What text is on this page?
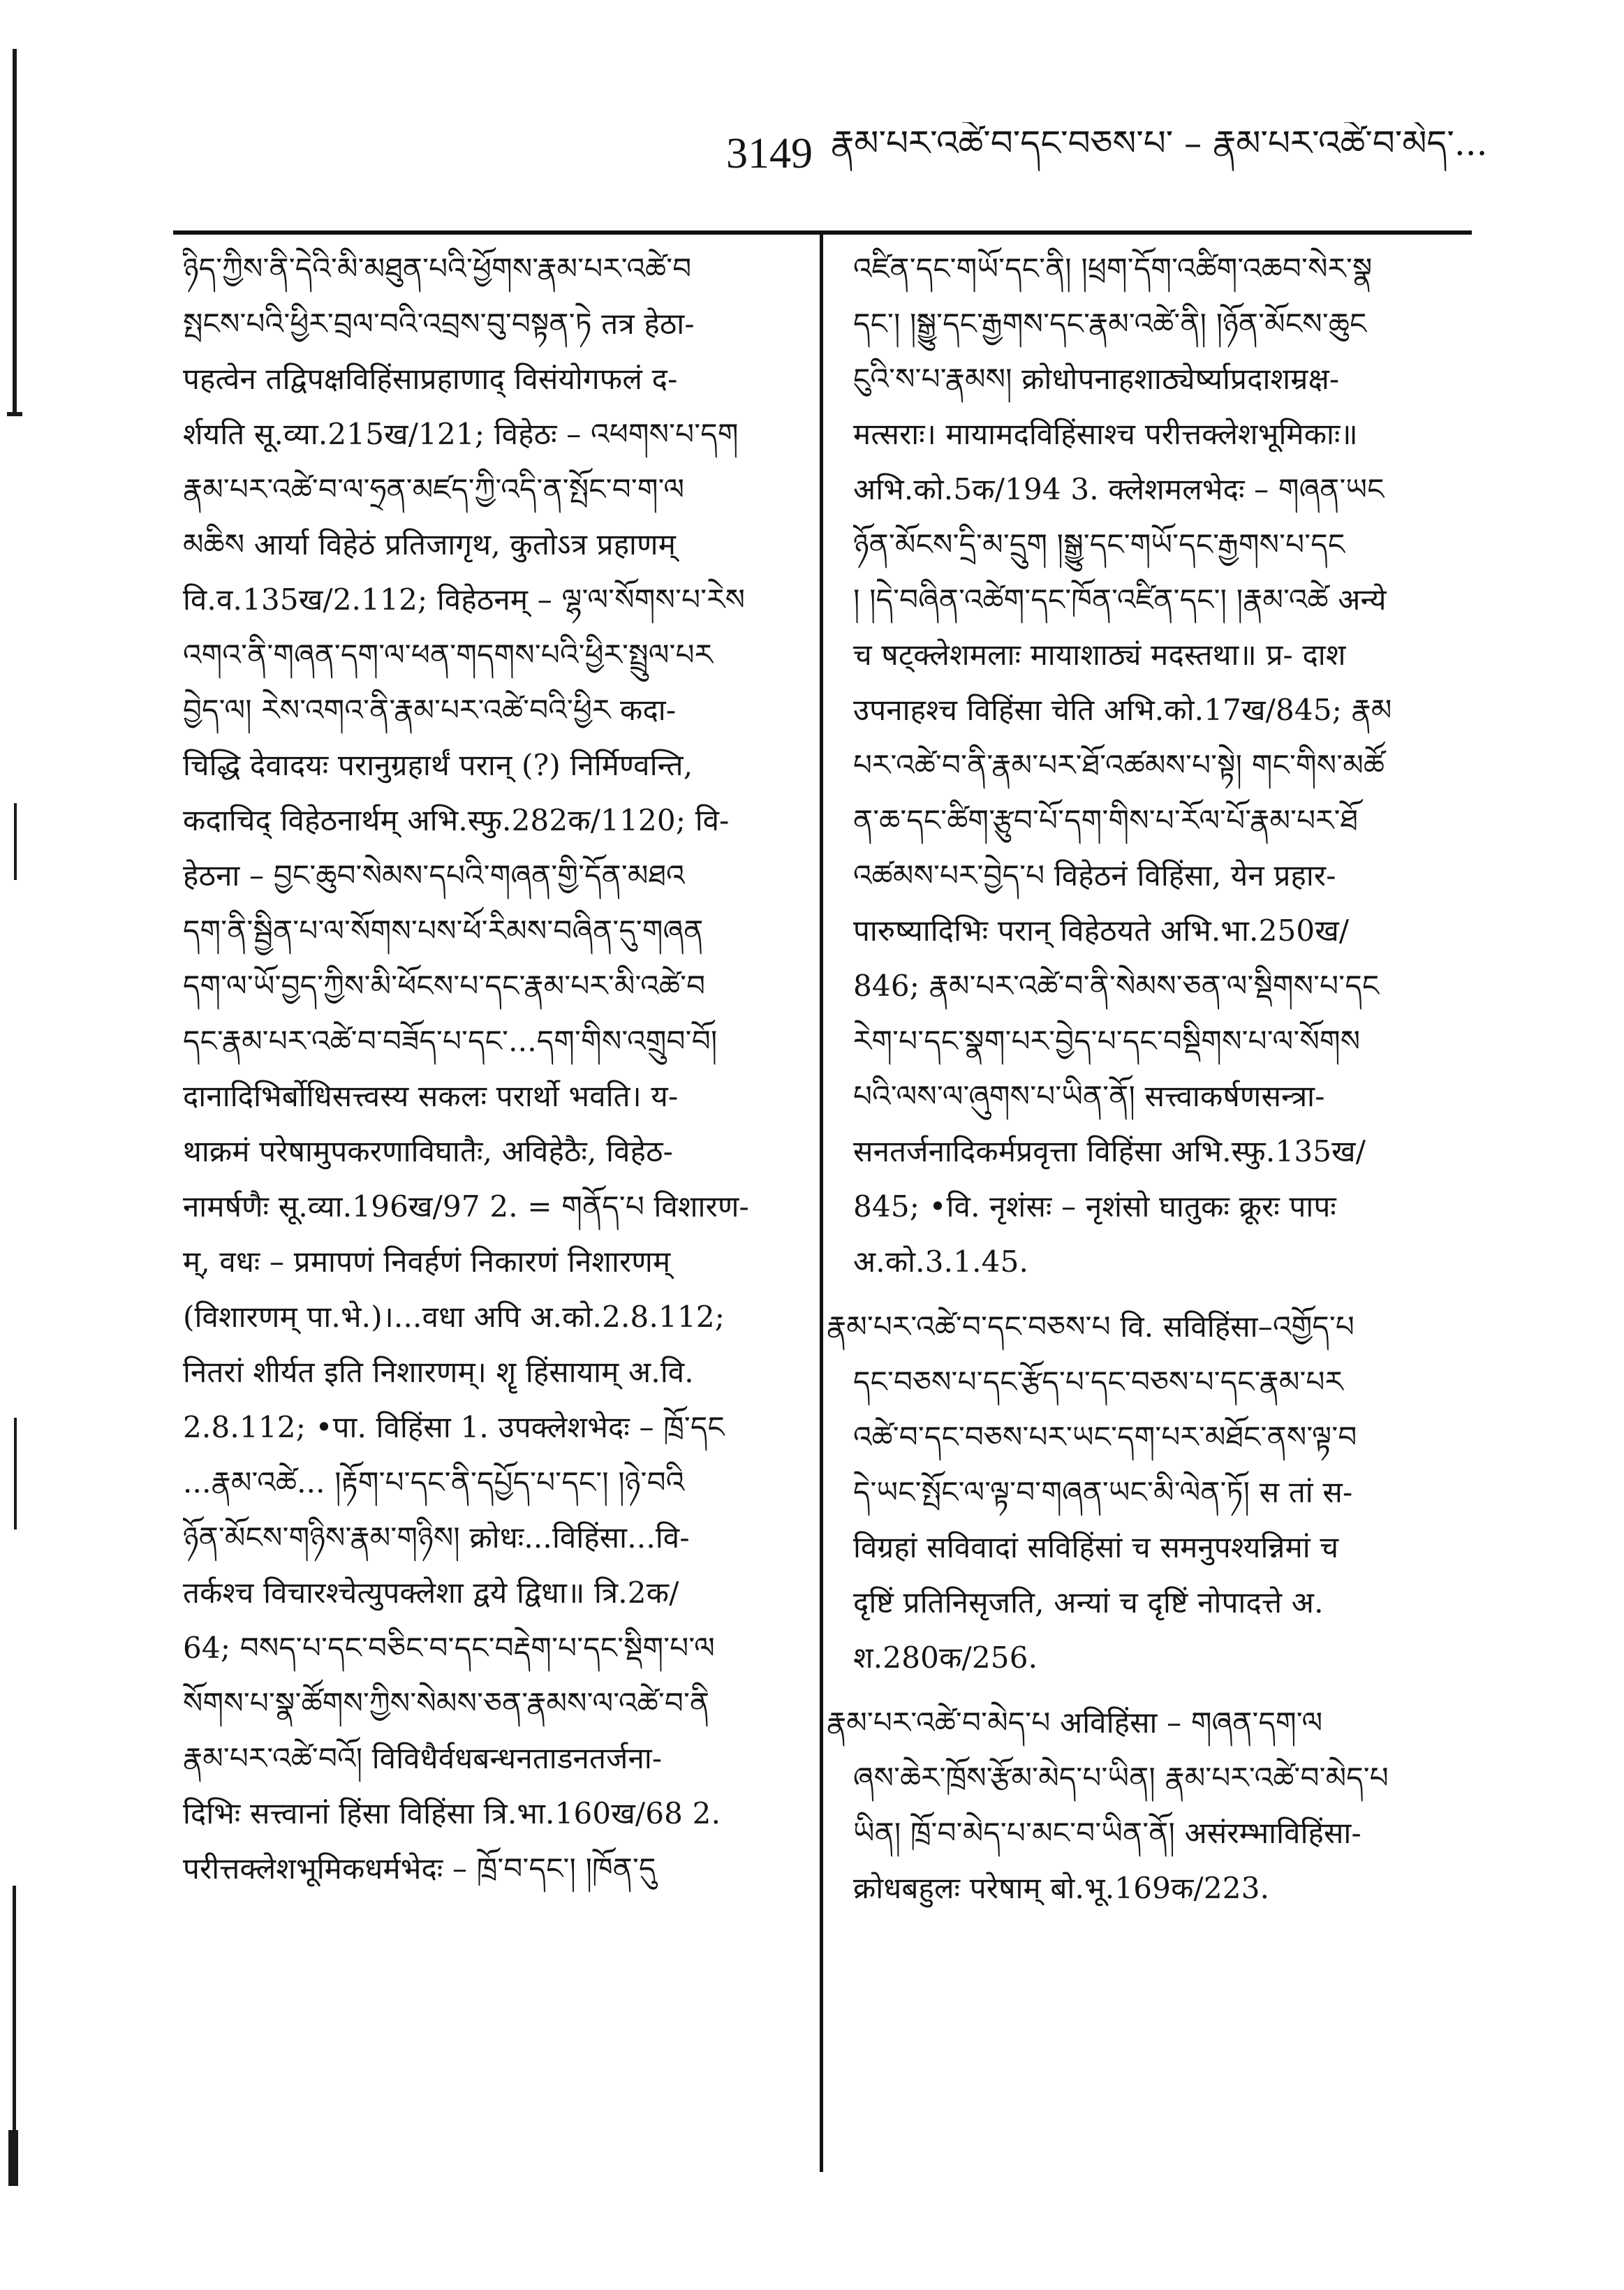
3149 རྣམ་པར་འཚེ་བ་དང་བཅས་པ་ – རྣམ་པར་འཚེ་བ་མེད་...
ཉིད་ཀྱིས་ནི་དེའི་མི་མཐུན་པའི་ཕྱོགས་རྣམ་པར་འཚེ་བ
སྤངས་པའི་ཕྱིར་བྲལ་བའི་འབྲས་བུ་བསྟན་ཏེ तत्र हेठा-
पहत्वेन तद्विपक्षविहिंसाप्रहाणाद् विसंयोगफलं द-
र्शयति सू.व्या.215ख/121; विहेठः – འཕགས་པ་དག
རྣམ་པར་འཚེ་བ་ལ་ཧྲན་མཛད་ཀྱི་འདི་ན་སྤོང་བ་ག་ལ
མཆིས आर्या विहेठं प्रतिजागृथ, कुतोऽत्र प्रहाणम्
वि.व.135ख/2.112; विहेठनम् – ལྷ་ལ་སོགས་པ་རེས
འགའ་ནི་གཞན་དག་ལ་ཕན་གདགས་པའི་ཕྱིར་སྤྲུལ་པར
བྱེད་ལ། རེས་འགའ་ནི་རྣམ་པར་འཚེ་བའི་ཕྱིར कदा-
चिद्धि देवादयः परानुग्रहार्थं परान् (?) निर्मिण्वन्ति,
कदाचिद् विहेठनार्थम् अभि.स्फु.282क/1120; वि-
हेठना – བྱང་ཆུབ་སེམས་དཔའི་གཞན་གྱི་དོན་མཐའ
དག་ནི་སྦྱིན་པ་ལ་སོགས་པས་ཕོ་རིམས་བཞིན་དུ་གཞན
དག་ལ་ཡོ་བྱད་ཀྱིས་མི་ཕོངས་པ་དང་རྣམ་པར་མི་འཚེ་བ
དང་རྣམ་པར་འཚེ་བ་བཟོད་པ་དང་...དག་གིས་འགྲུབ་བོ།
दानादिभिर्बोधिसत्त्वस्य सकलः परार्थो भवति। य-
थाक्रमं परेषामुपकरणाविघातैः, अविहेठैः, विहेठ-
नामर्षणैः सू.व्या.196ख/97 2. = གནོད་པ विशारण-
म्, वधः – प्रमापणं निवर्हणं निकारणं निशारणम्
(विशारणम् पा.भे.)।...वधा अपि अ.को.2.8.112;
नितरां शीर्यत इति निशारणम्। शॄ हिंसायाम् अ.वि.
2.8.112; •पा. विहिंसा 1. उपक्लेशभेदः – ཁྲོ་དང
...རྣམ་འཚེ... །རྟོག་པ་དང་ནི་དཔྱོད་པ་དང་། །ཉེ་བའི
ཉོན་མོངས་གཉིས་རྣམ་གཉིས། क्रोधः...विहिंसा...वि-
तर्कश्च विचारश्चेत्युपक्लेशा द्वये द्विधा॥ त्रि.2क/
64; བསད་པ་དང་བཅིང་བ་དང་བརྡེག་པ་དང་སྡིག་པ་ལ
སོགས་པ་སྣ་ཚོགས་ཀྱིས་སེམས་ཅན་རྣམས་ལ་འཚེ་བ་ནི
རྣམ་པར་འཚེ་བའོ། विविधैर्वधबन्धनताडनतर्जना-
दिभिः सत्त्वानां हिंसा विहिंसा त्रि.भा.160ख/68 2.
परीत्तक्लेशभूमिकधर्मभेदः – ཁྲོ་བ་དང་། །ཁོན་དུ
འཛིན་དང་གཡོ་དང་ནི། །ཕྲག་དོག་འཚིག་འཆབ་སེར་སྣ
དང་། །སྒྱུ་དང་རྒྱགས་དང་རྣམ་འཚེ་ནི། །ཉོན་མོངས་ཆུང
ངུའི་ས་པ་རྣམས། क्रोधोपनाहशाठ्येर्ष्याप्रदाशम्रक्ष-
मत्सराः। मायामदविहिंसाश्च परीत्तक्लेशभूमिकाः॥
अभि.को.5क/194 3. क्लेशमलभेदः – གཞན་ཡང
ཉོན་མོངས་དྲི་མ་དྲུག །སྒྱུ་དང་གཡོ་དང་རྒྱགས་པ་དང
། །དེ་བཞིན་འཚེག་དང་ཁོན་འཛིན་དང་། །རྣམ་འཚེ अन्ये
च षट्क्लेशमलाः मायाशाठ्यं मदस्तथा॥ प्र- दाश
उपनाहश्च विहिंसा चेति अभि.को.17ख/845; རྣམ
པར་འཚེ་བ་ནི་རྣམ་པར་ཐོ་འཚམས་པ་སྟེ། གང་གིས་མཚོ
ན་ཆ་དང་ཚིག་རྩུབ་པོ་དག་གིས་པ་རོལ་པོ་རྣམ་པར་ཐོ
འཚམས་པར་བྱེད་པ विहेठनं विहिंसा, येन प्रहार-
पारुष्यादिभिः परान् विहेठयते अभि.भा.250ख/
846; རྣམ་པར་འཚེ་བ་ནི་སེམས་ཅན་ལ་སྡིགས་པ་དང
རེག་པ་དང་སྣག་པར་བྱེད་པ་དང་བསྡིགས་པ་ལ་སོགས
པའི་ལས་ལ་ཞུགས་པ་ཡིན་ནོ། सत्त्वाकर्षणसन्त्रा-
सनतर्जनादिकर्मप्रवृत्ता विहिंसा अभि.स्फु.135ख/
845; •वि. नृशंसः – नृशंसो घातुकः क्रूरः पापः
अ.को.3.1.45.
རྣམ་པར་འཚེ་བ་དང་བཅས་པ वि. सविहिंसा–འགྱོད་པ
དང་བཅས་པ་དང་རྩོད་པ་དང་བཅས་པ་དང་རྣམ་པར
འཚེ་བ་དང་བཅས་པར་ཡང་དག་པར་མཐོང་ནས་ལྟ་བ
དེ་ཡང་སྤོང་ལ་ལྟ་བ་གཞན་ཡང་མི་ལེན་ཏོ། स तां स-
विग्रहां सविवादां सविहिंसां च समनुपश्यन्निमां च
दृष्टिं प्रतिनिसृजति, अन्यां च दृष्टिं नोपादत्ते अ.
श.280क/256.
རྣམ་པར་འཚེ་བ་མེད་པ अविहिंसा – གཞན་དག་ལ
ཞས་ཆེར་ཁྲོས་རྩོམ་མེད་པ་ཡིན། རྣམ་པར་འཚེ་བ་མེད་པ
ཡིན། ཁྲོ་བ་མེད་པ་མང་བ་ཡིན་ནོ། असंरम्भाविहिंसा-
क्रोधबहुलः परेषाम् बो.भू.169क/223.
